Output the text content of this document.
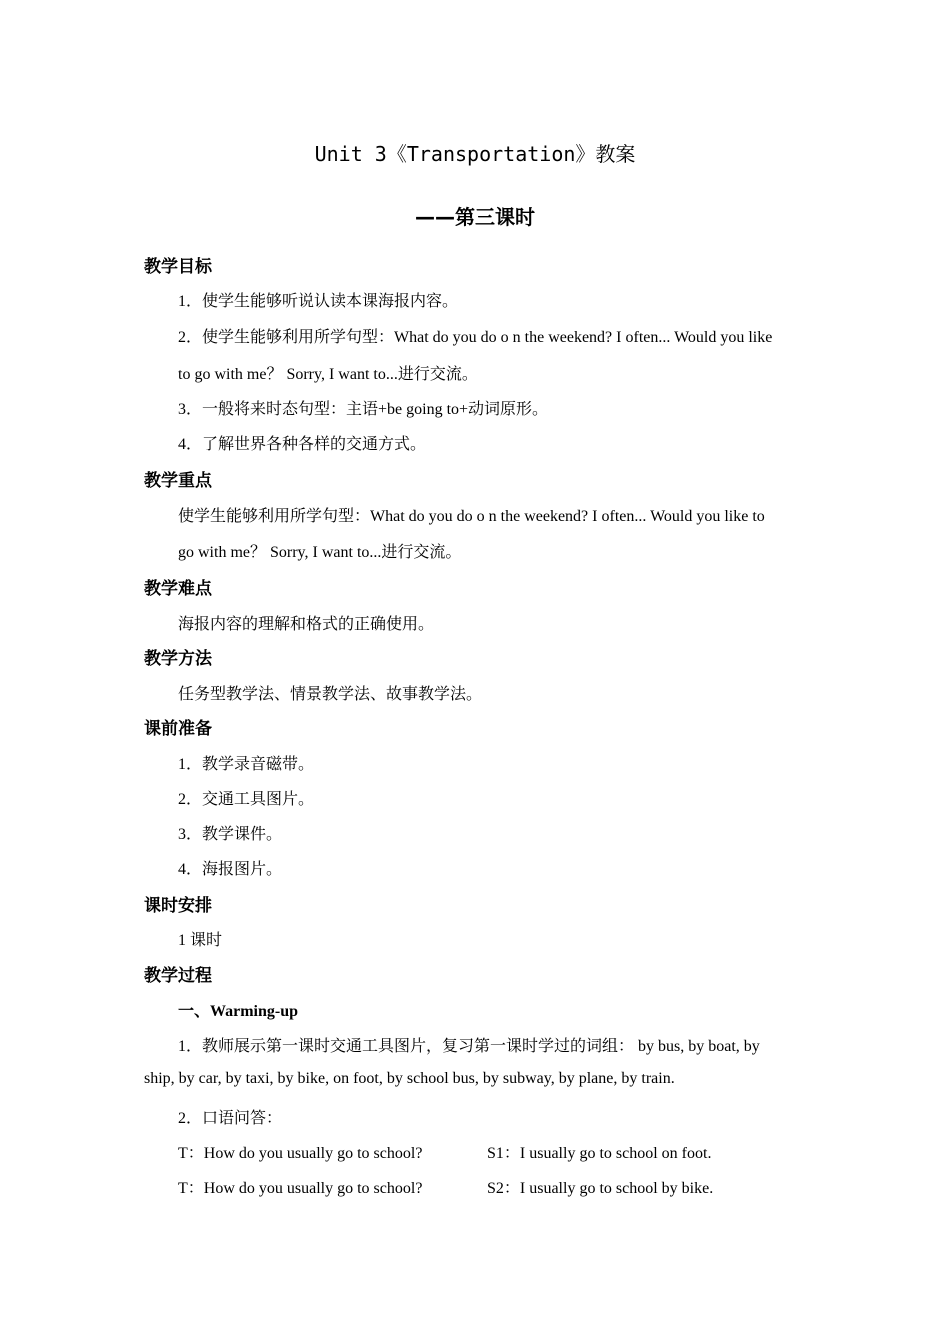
Unit 3《Transportation》教案
——第三课时
教学目标
1．使学生能够听说认读本课海报内容。
2．使学生能够利用所学句型：What do you do o n the weekend? I often... Would you like
to go with me？ Sorry, I want to...进行交流。
3．一般将来时态句型：主语+be going to+动词原形。
4．了解世界各种各样的交通方式。
教学重点
使学生能够利用所学句型：What do you do o n the weekend? I often... Would you like to
go with me？ Sorry, I want to...进行交流。
教学难点
海报内容的理解和格式的正确使用。
教学方法
任务型教学法、情景教学法、故事教学法。
课前准备
1．教学录音磁带。
2．交通工具图片。
3．教学课件。
4．海报图片。
课时安排
1 课时
教学过程
一、Warming-up
1．教师展示第一课时交通工具图片，复习第一课时学过的词组： by bus, by boat, by
ship, by car, by taxi, by bike, on foot, by school bus, by subway, by plane, by train.
2．口语问答：
T：How do you usually go to school?	S1：I usually go to school on foot.
T：How do you usually go to school?	S2：I usually go to school by bike.
